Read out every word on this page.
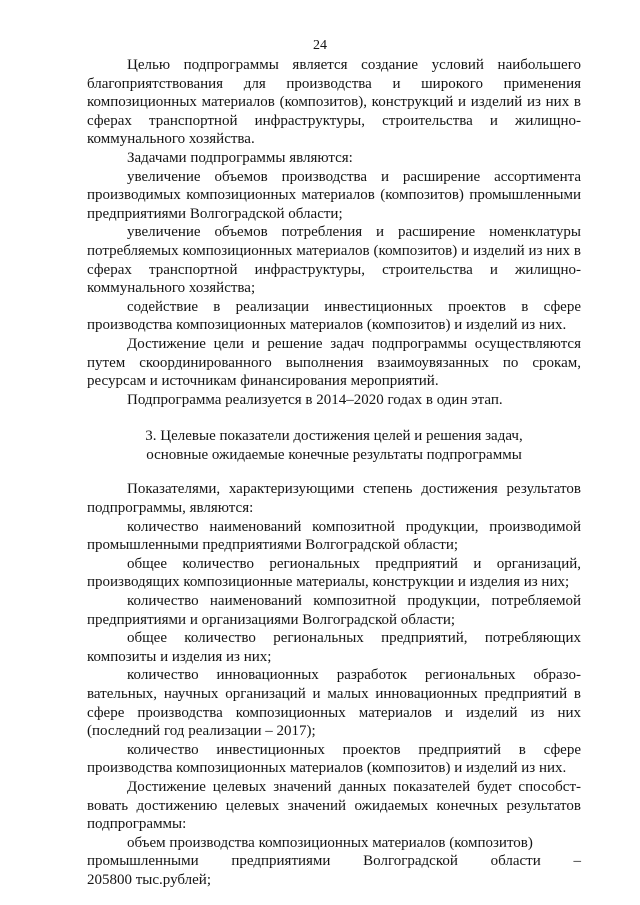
24

Целью подпрограммы является создание условий наибольшего благоприятствования для производства и широкого применения композиционных материалов (композитов), конструкций и изделий из них в сферах транспортной инфраструктуры, строительства и жилищно-коммунального хозяйства.

Задачами подпрограммы являются:

увеличение объемов производства и расширение ассортимента производимых композиционных материалов (композитов) промышленными предприятиями Волгоградской области;

увеличение объемов потребления и расширение номенклатуры потребляемых композиционных материалов (композитов) и изделий из них в сферах транспортной инфраструктуры, строительства и жилищно-коммунального хозяйства;

содействие в реализации инвестиционных проектов в сфере производства композиционных материалов (композитов) и изделий из них.

Достижение цели и решение задач подпрограммы осуществляются путем скоординированного выполнения взаимоувязанных по срокам, ресурсам и источникам финансирования мероприятий.

Подпрограмма реализуется в 2014–2020 годах в один этап.

3. Целевые показатели достижения целей и решения задач, основные ожидаемые конечные результаты подпрограммы

Показателями, характеризующими степень достижения результатов подпрограммы, являются:

количество наименований композитной продукции, производимой промышленными предприятиями Волгоградской области;

общее количество региональных предприятий и организаций, производящих композиционные материалы, конструкции и изделия из них;

количество наименований композитной продукции, потребляемой предприятиями и организациями Волгоградской области;

общее количество региональных предприятий, потребляющих композиты и изделия из них;

количество инновационных разработок региональных образо-вательных, научных организаций и малых инновационных предприятий в сфере производства композиционных материалов и изделий из них (последний год реализации – 2017);

количество инвестиционных проектов предприятий в сфере производства композиционных материалов (композитов) и изделий из них.

Достижение целевых значений данных показателей будет способст-вовать достижению целевых значений ожидаемых конечных результатов подпрограммы:

объем производства композиционных материалов (композитов)

промышленными предприятиями Волгоградской области –
205800 тыс.рублей;
